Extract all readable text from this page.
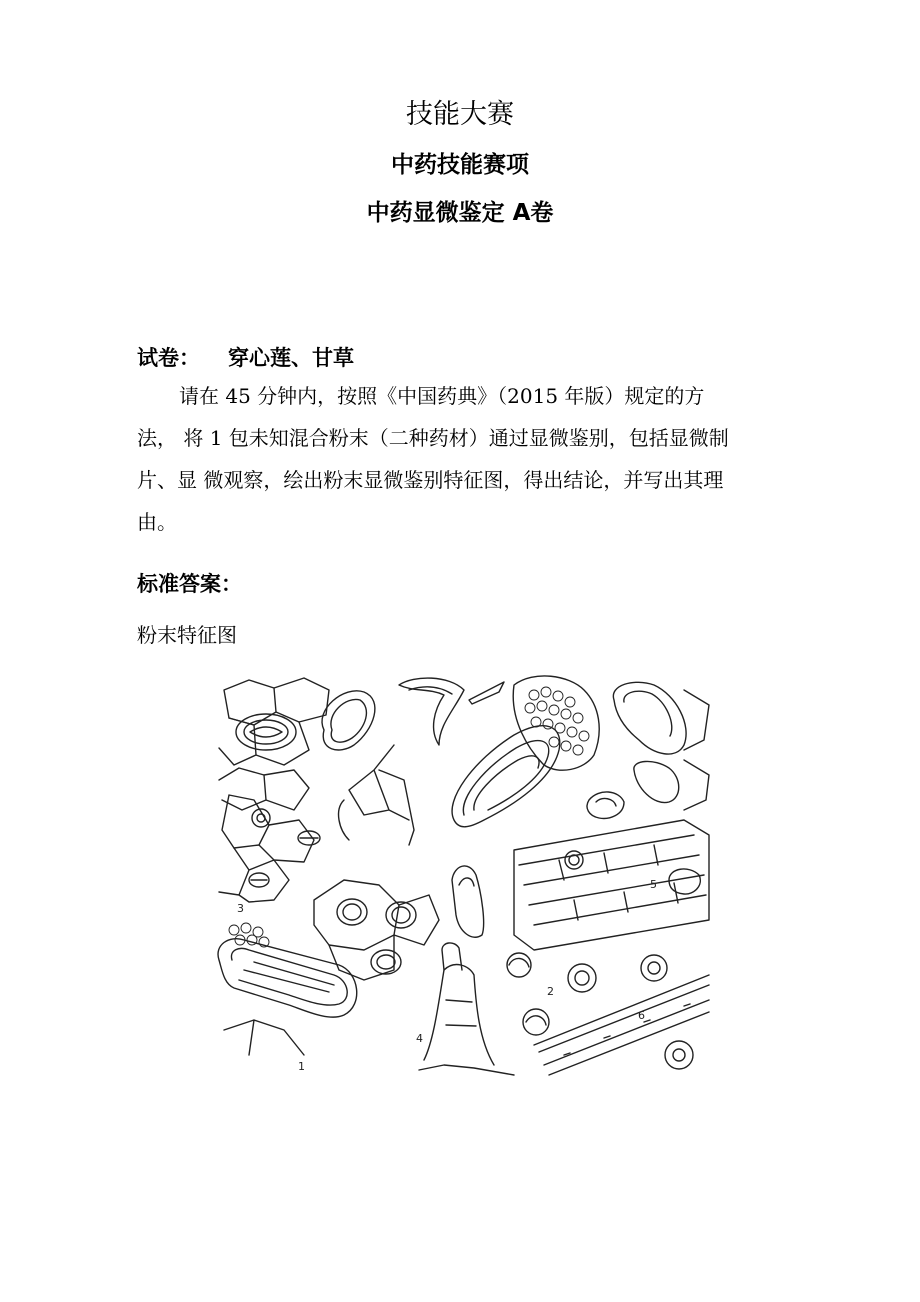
技能大赛
中药技能赛项
中药显微鉴定 A卷
试卷： 穿心莲、甘草
请在 45 分钟内，按照《中国药典》（2015 年版）规定的方
法， 将 1 包未知混合粉末（二种药材）通过显微鉴别，包括显微制
片、显 微观察，绘出粉末显微鉴别特征图，得出结论，并写出其理
由。
标准答案：
粉末特征图
1
2
3
4
5
6
